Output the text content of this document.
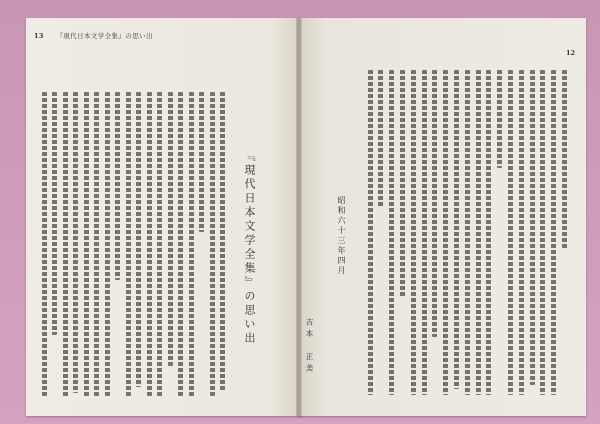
13 『現代日本文学全集』の思い出
12
『現代日本文学全集』の思い出	昭和六十三年四月
吉本　正美
